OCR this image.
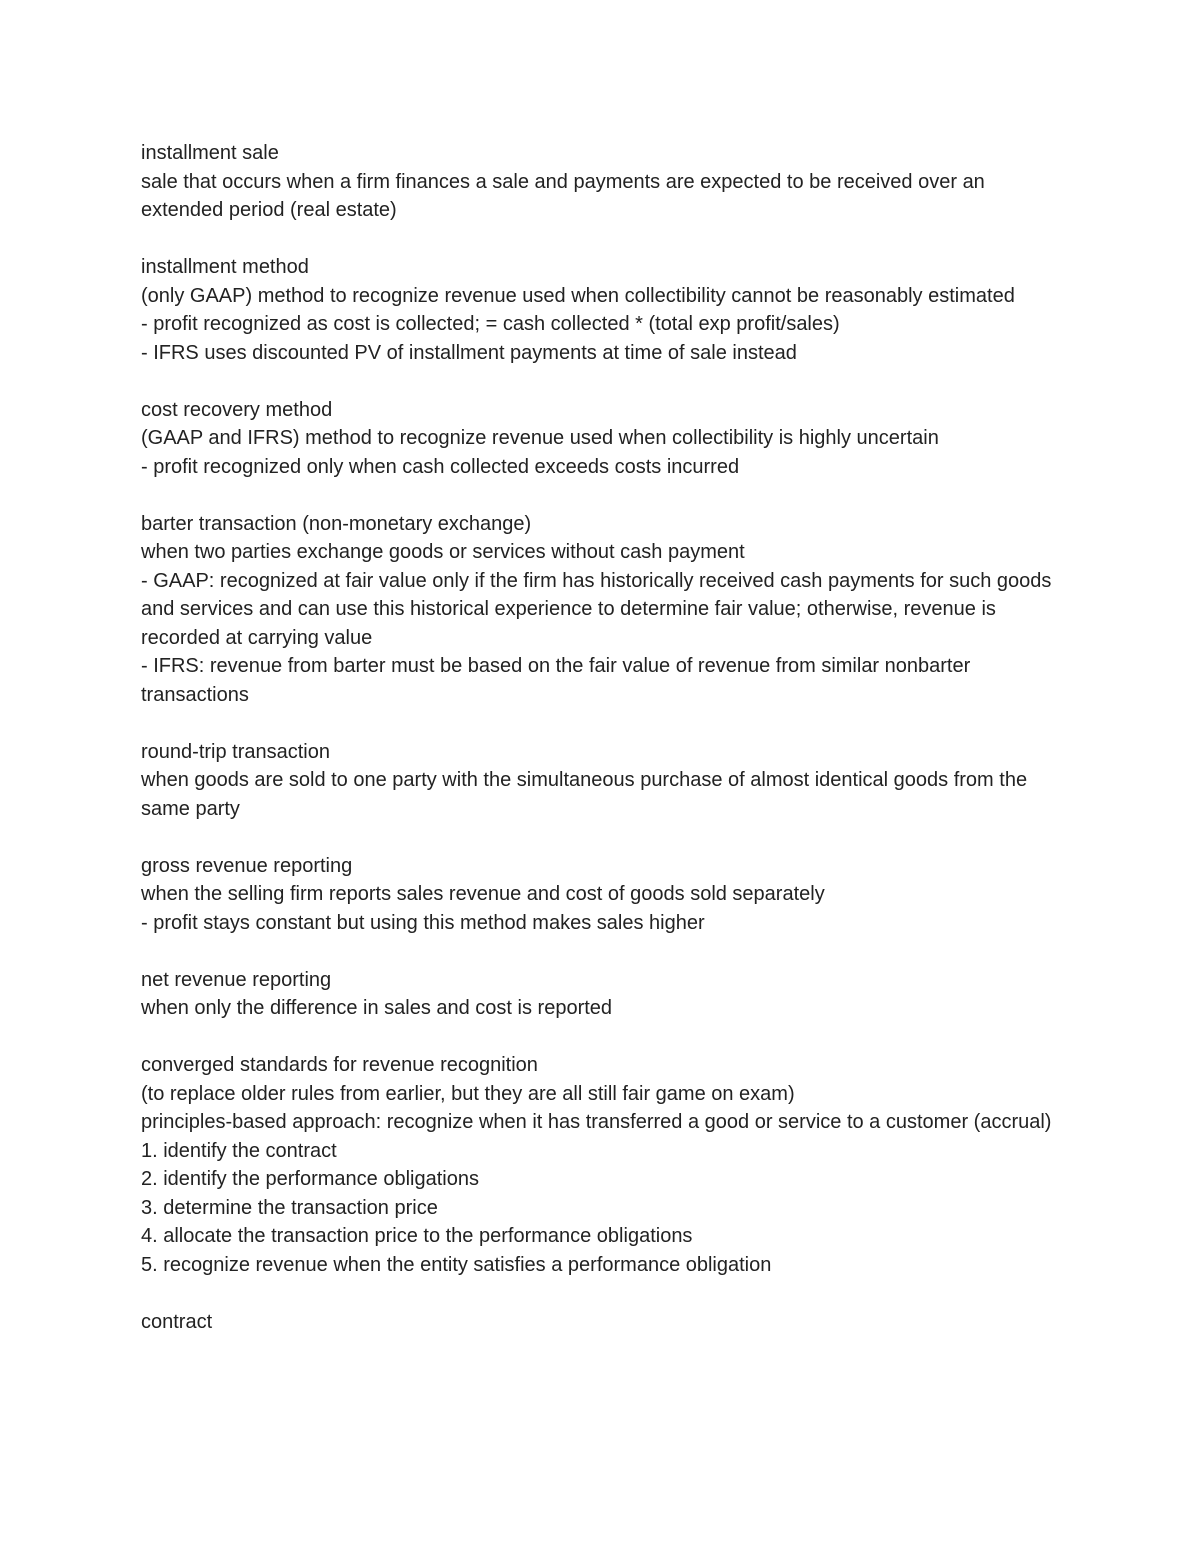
installment sale
sale that occurs when a firm finances a sale and payments are expected to be received over an extended period (real estate)
installment method
(only GAAP) method to recognize revenue used when collectibility cannot be reasonably estimated
- profit recognized as cost is collected; = cash collected * (total exp profit/sales)
- IFRS uses discounted PV of installment payments at time of sale instead
cost recovery method
(GAAP and IFRS) method to recognize revenue used when collectibility is highly uncertain
- profit recognized only when cash collected exceeds costs incurred
barter transaction (non-monetary exchange)
when two parties exchange goods or services without cash payment
- GAAP: recognized at fair value only if the firm has historically received cash payments for such goods and services and can use this historical experience to determine fair value; otherwise, revenue is recorded at carrying value
- IFRS: revenue from barter must be based on the fair value of revenue from similar nonbarter transactions
round-trip transaction
when goods are sold to one party with the simultaneous purchase of almost identical goods from the same party
gross revenue reporting
when the selling firm reports sales revenue and cost of goods sold separately
- profit stays constant but using this method makes sales higher
net revenue reporting
when only the difference in sales and cost is reported
converged standards for revenue recognition
(to replace older rules from earlier, but they are all still fair game on exam)
principles-based approach: recognize when it has transferred a good or service to a customer (accrual)
1. identify the contract
2. identify the performance obligations
3. determine the transaction price
4. allocate the transaction price to the performance obligations
5. recognize revenue when the entity satisfies a performance obligation
contract
